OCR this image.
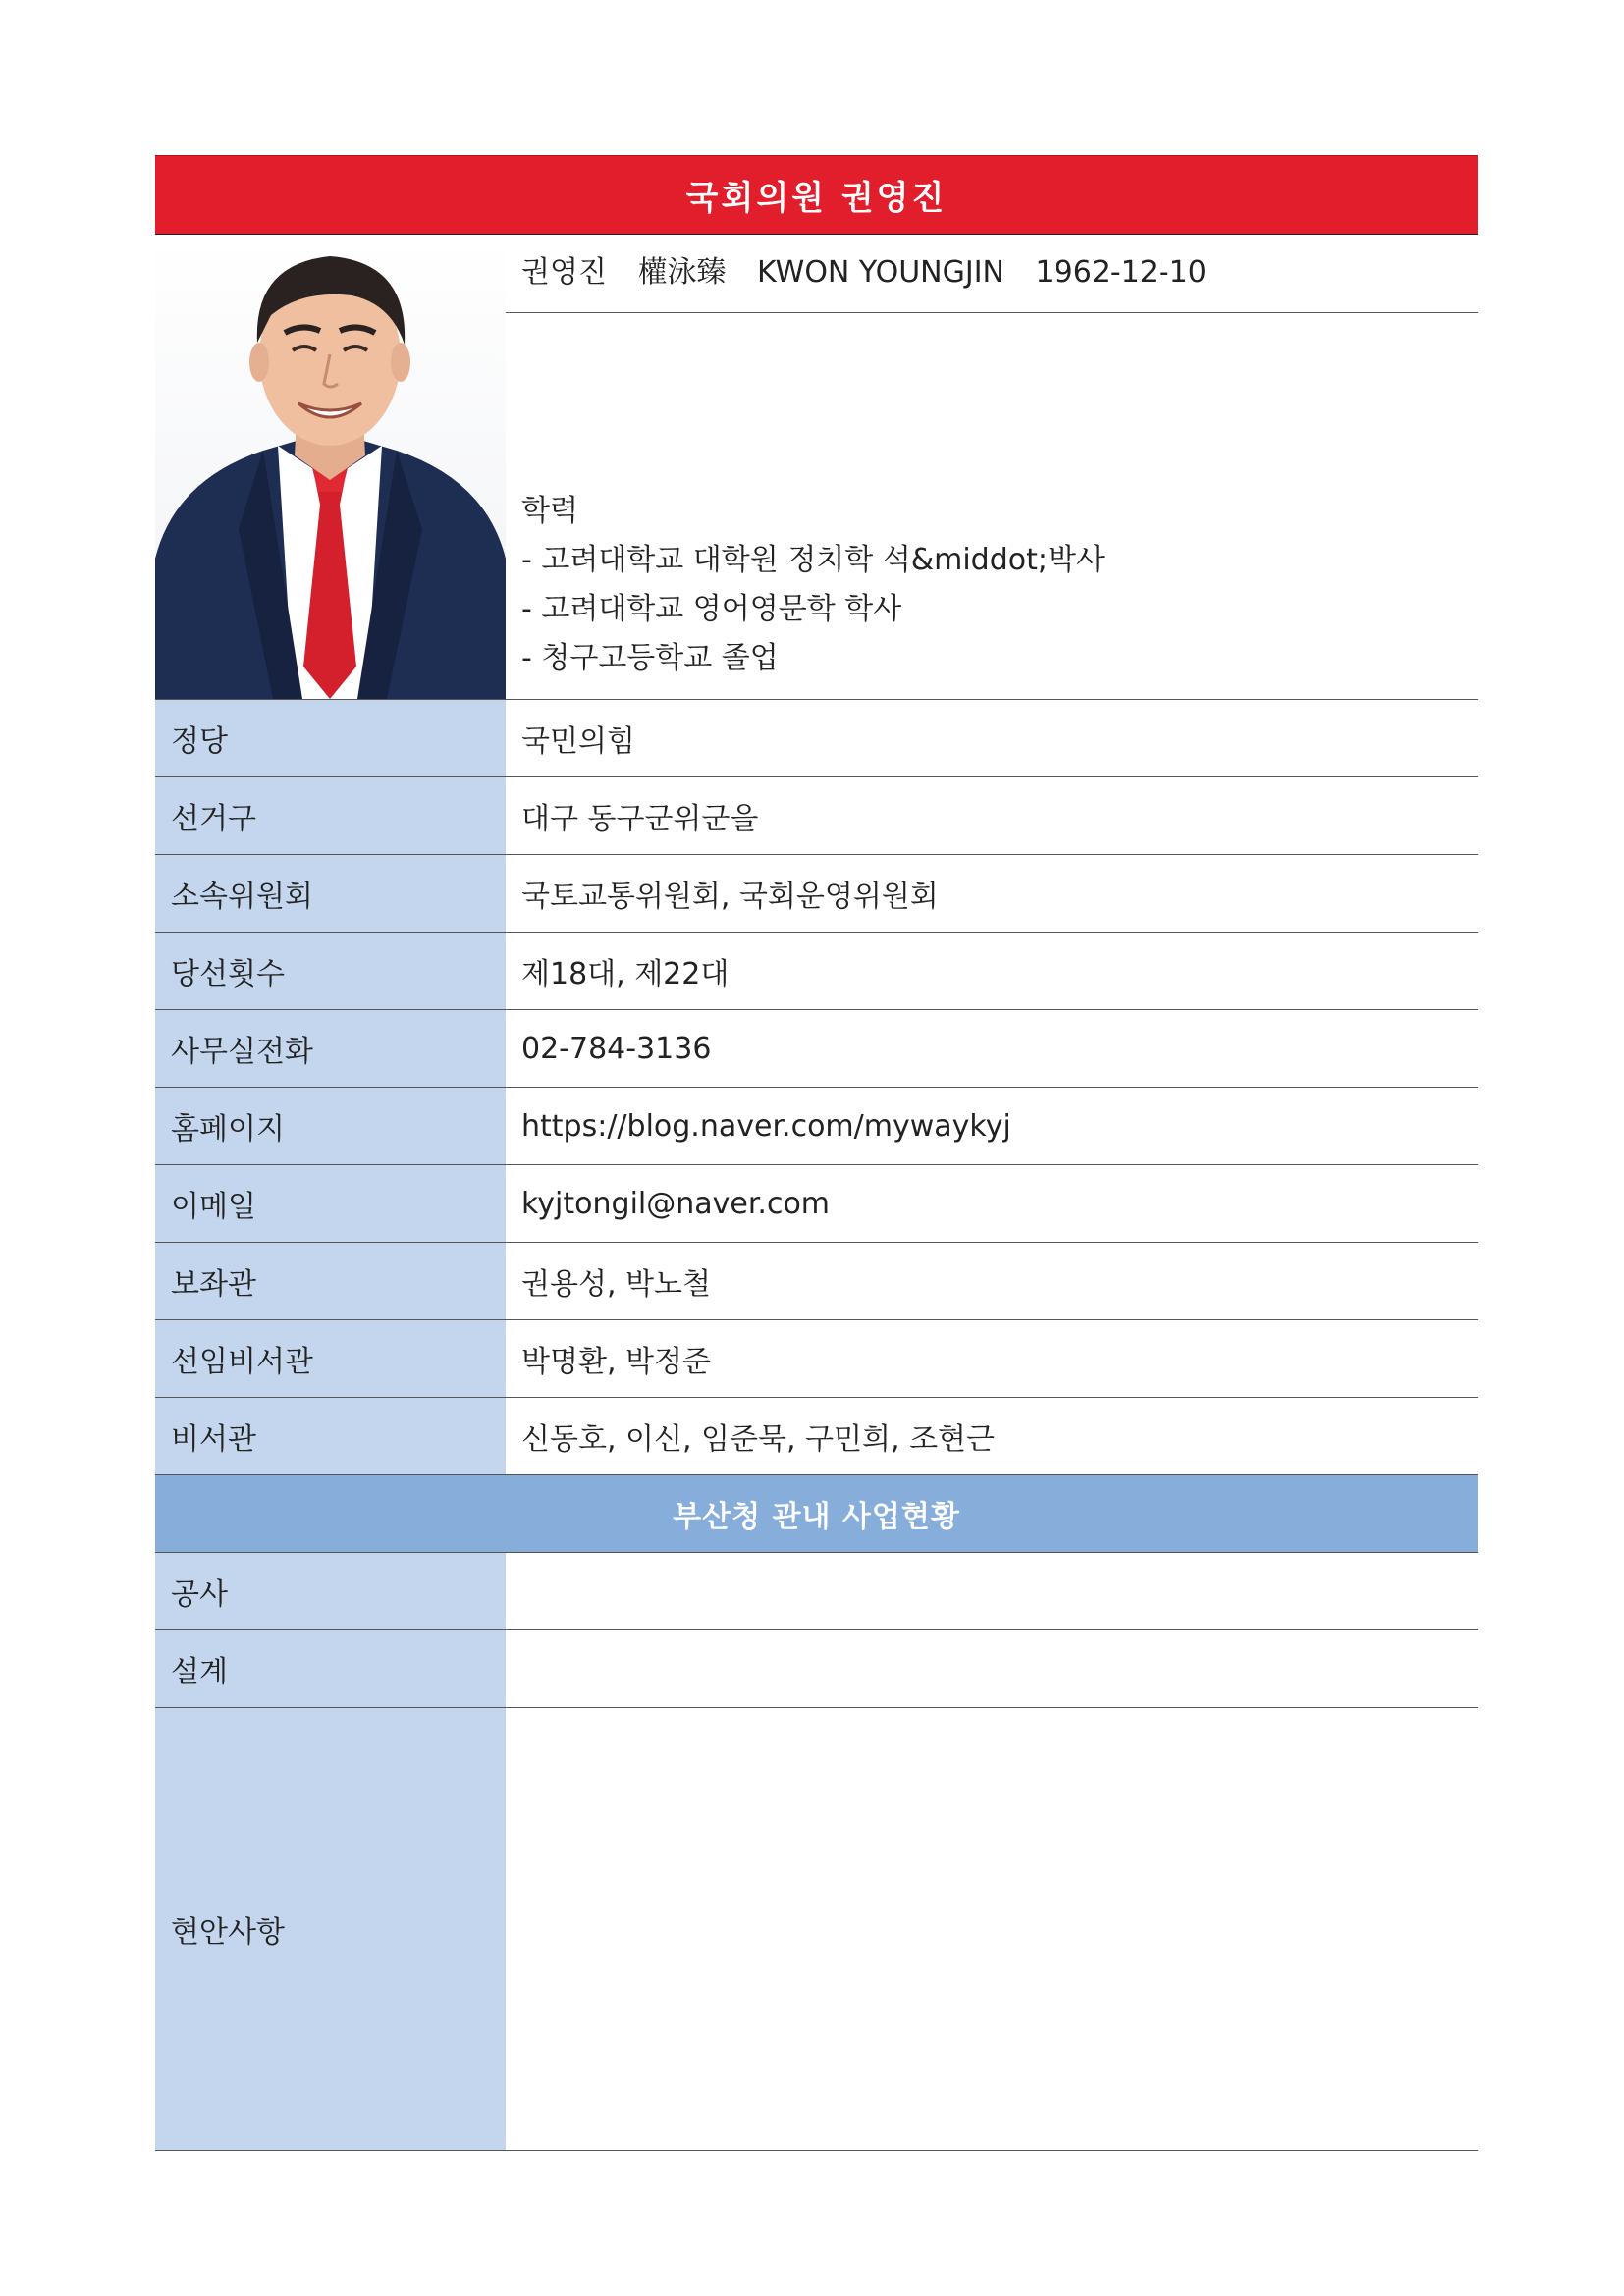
국회의원 권영진
권영진 權泳臻 KWON YOUNGJIN 1962-12-10
학력
- 고려대학교 대학원 정치학 석&middot;박사
- 고려대학교 영어영문학 학사
- 청구고등학교 졸업
정당	국민의힘
선거구	대구 동구군위군을
소속위원회	국토교통위원회, 국회운영위원회
당선횟수	제18대, 제22대
사무실전화	02-784-3136
홈페이지	https://blog.naver.com/mywaykyj
이메일	kyjtongil@naver.com
보좌관	권용성, 박노철
선임비서관	박명환, 박정준
비서관	신동호, 이신, 임준묵, 구민희, 조현근
부산청 관내 사업현황
공사
설계
현안사항
